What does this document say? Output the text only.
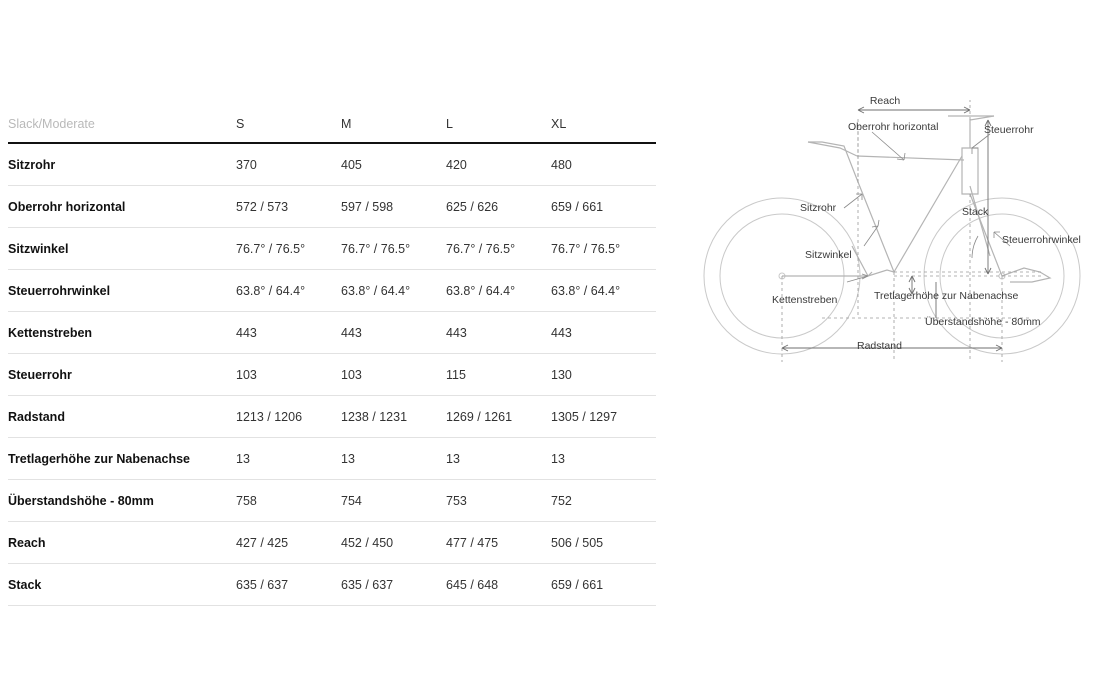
Slack/Moderate	S	M	L	XL
Sitzrohr	370	405	420	480
Oberrohr horizontal	572 / 573	597 / 598	625 / 626	659 / 661
Sitzwinkel	76.7° / 76.5°	76.7° / 76.5°	76.7° / 76.5°	76.7° / 76.5°
Steuerrohrwinkel	63.8° / 64.4°	63.8° / 64.4°	63.8° / 64.4°	63.8° / 64.4°
Kettenstreben	443	443	443	443
Steuerrohr	103	103	115	130
Radstand	1213 / 1206	1238 / 1231	1269 / 1261	1305 / 1297
Tretlagerhöhe zur Nabenachse	13	13	13	13
Überstandshöhe - 80mm	758	754	753	752
Reach	427 / 425	452 / 450	477 / 475	506 / 505
Stack	635 / 637	635 / 637	645 / 648	659 / 661
Reach
Oberrohr horizontal	Steuerrohr
Sitzrohr	Stack
Steuerrohrwinkel
Sitzwinkel
Kettenstreben	Tretlagerhöhe zur Nabenachse
Überstandshöhe - 80mm
Radstand
